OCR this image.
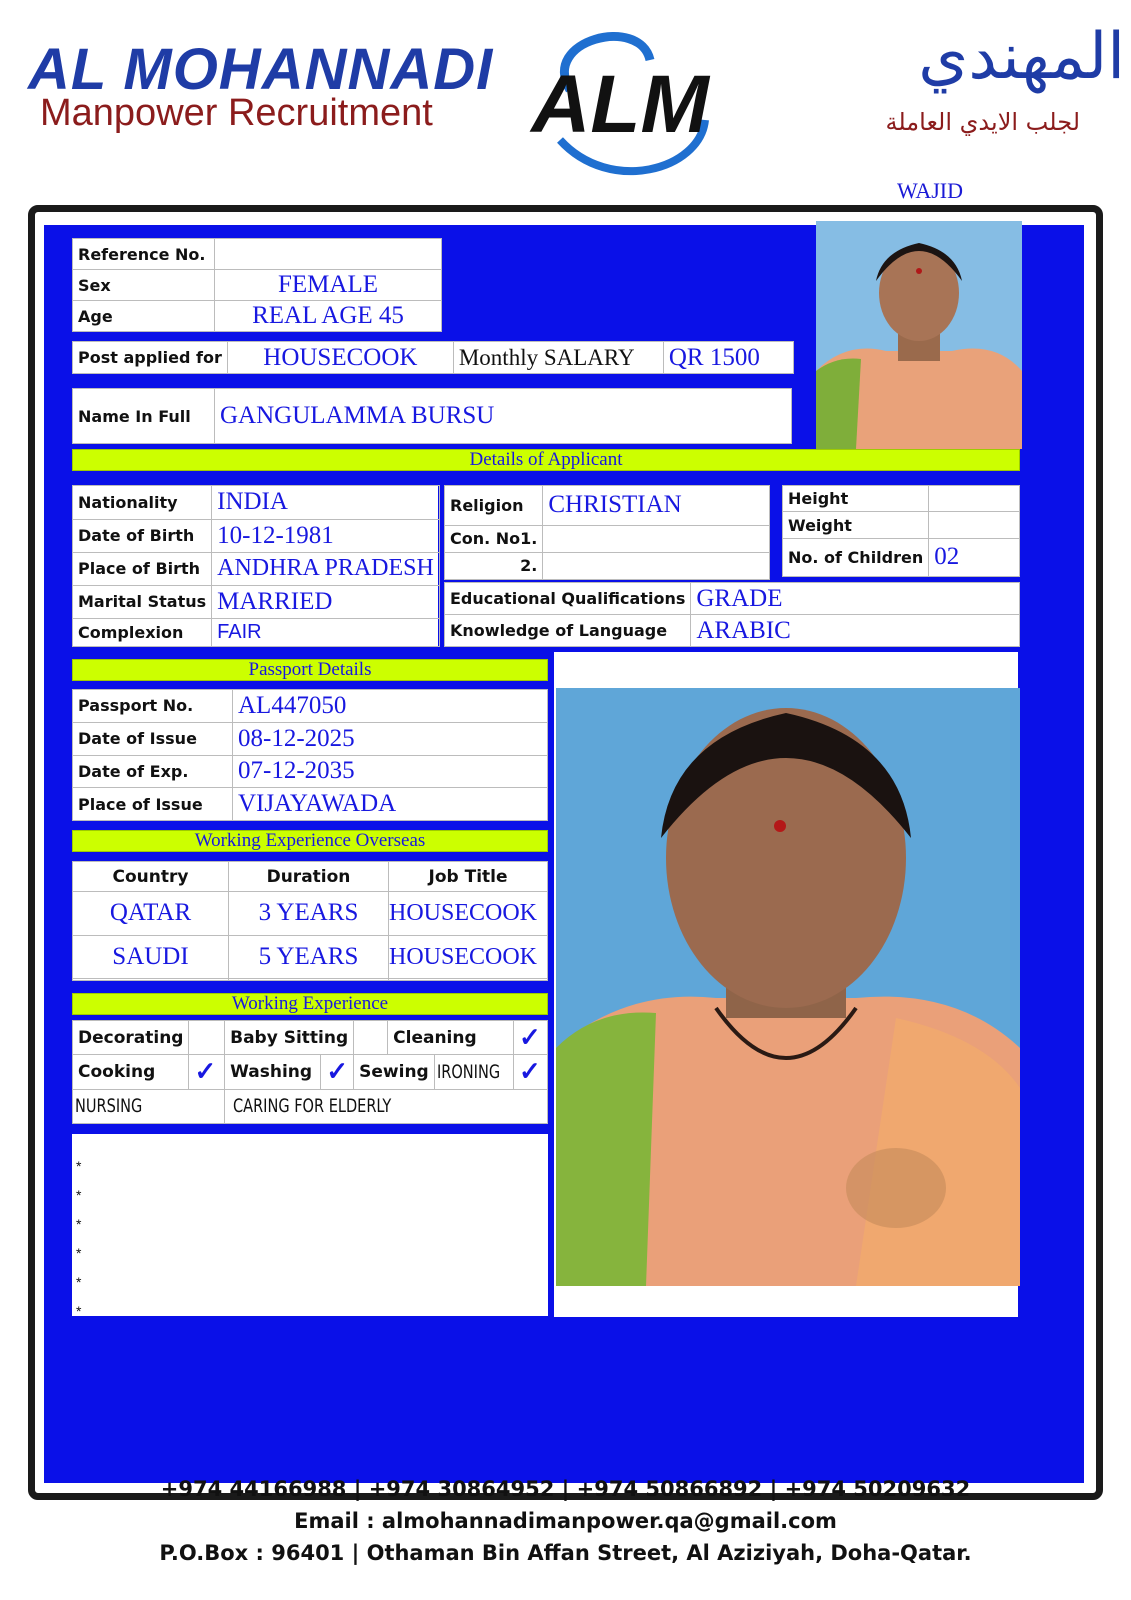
AL MOHANNADI
Manpower Recruitment ALM
المهندي
لجلب الايدي العاملة
WAJID
Reference No.	
Sex	FEMALE
Age	REAL AGE 45
Post applied for	HOUSECOOK	Monthly SALARY	QR 1500
Name In Full	GANGULAMMA BURSU
Details of Applicant
Nationality	INDIA
Date of Birth	10-12-1981
Place of Birth	ANDHRA PRADESH
Marital Status	MARRIED
Complexion	FAIR
Religion	CHRISTIAN
Con. No1.	
2.	
Height	
Weight	
No. of Children	02
Educational Qualifications	GRADE
Knowledge of Language	ARABIC
Passport Details
Passport No.	AL447050
Date of Issue	08-12-2025
Date of Exp.	07-12-2035
Place of Issue	VIJAYAWADA
Working Experience Overseas
Country	Duration	Job Title
QATAR	3 YEARS	HOUSECOOK
SAUDI	5 YEARS	HOUSECOOK

Working Experience
Decorating		Baby Sitting			Cleaning		✓
Cooking	✓	Washing	✓	Sewing		IRONING	✓
NURSING		CARING FOR ELDERLY					
*
*
*
*
*
*
+974 44166988 | +974 30864952 | +974 50866892 | +974 50209632
Email : almohannadimanpower.qa@gmail.com
P.O.Box : 96401 | Othaman Bin Affan Street, Al Aziziyah, Doha-Qatar.
